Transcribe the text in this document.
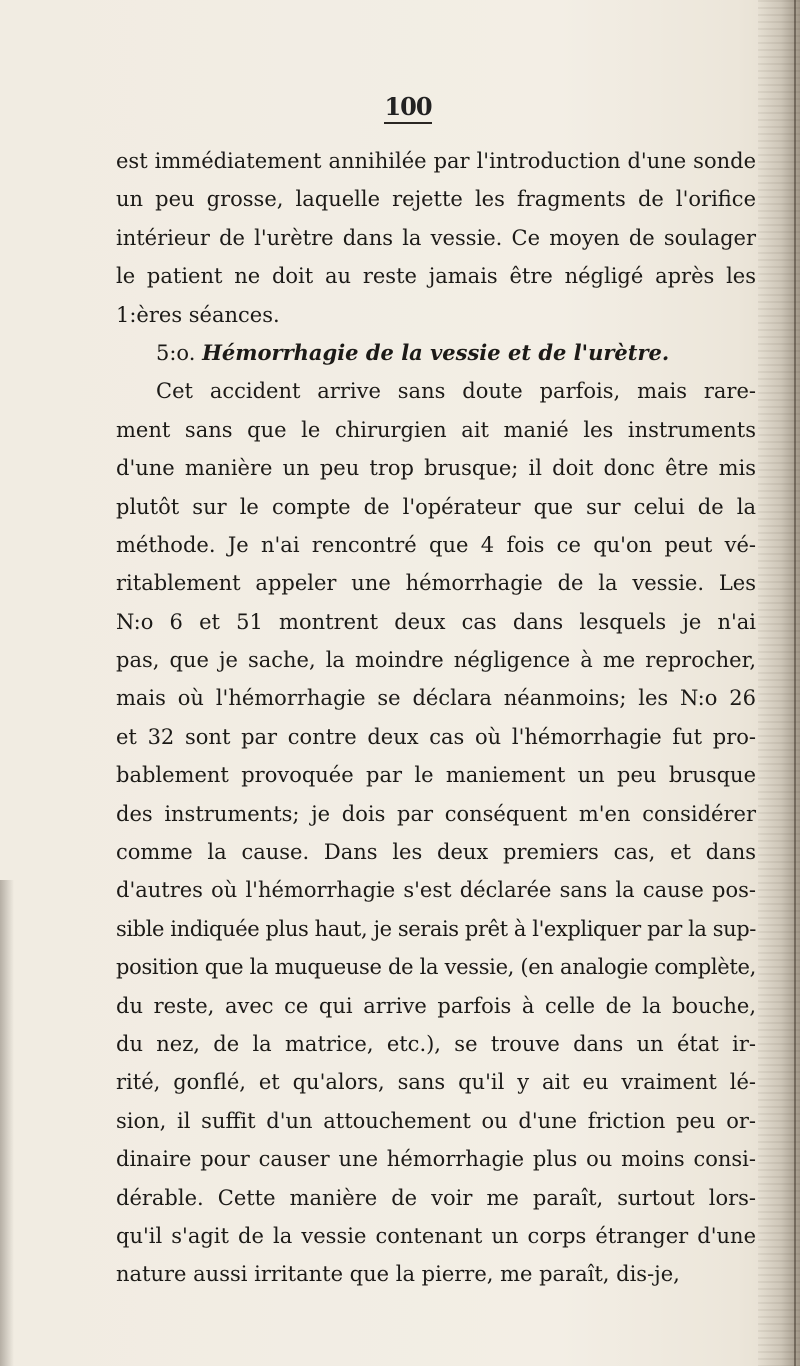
100
est immédiatement annihilée par l'introduction d'une sonde
un peu grosse, laquelle rejette les fragments de l'orifice
intérieur de l'urètre dans la vessie. Ce moyen de soulager
le patient ne doit au reste jamais être négligé après les
1:ères séances.
5:o. Hémorrhagie de la vessie et de l'urètre.
Cet accident arrive sans doute parfois, mais rare-
ment sans que le chirurgien ait manié les instruments
d'une manière un peu trop brusque; il doit donc être mis
plutôt sur le compte de l'opérateur que sur celui de la
méthode. Je n'ai rencontré que 4 fois ce qu'on peut vé-
ritablement appeler une hémorrhagie de la vessie. Les
N:o 6 et 51 montrent deux cas dans lesquels je n'ai
pas, que je sache, la moindre négligence à me reprocher,
mais où l'hémorrhagie se déclara néanmoins; les N:o 26
et 32 sont par contre deux cas où l'hémorrhagie fut pro-
bablement provoquée par le maniement un peu brusque
des instruments; je dois par conséquent m'en considérer
comme la cause. Dans les deux premiers cas, et dans
d'autres où l'hémorrhagie s'est déclarée sans la cause pos-
sible indiquée plus haut, je serais prêt à l'expliquer par la sup-
position que la muqueuse de la vessie, (en analogie complète,
du reste, avec ce qui arrive parfois à celle de la bouche,
du nez, de la matrice, etc.), se trouve dans un état ir-
rité, gonflé, et qu'alors, sans qu'il y ait eu vraiment lé-
sion, il suffit d'un attouchement ou d'une friction peu or-
dinaire pour causer une hémorrhagie plus ou moins consi-
dérable. Cette manière de voir me paraît, surtout lors-
qu'il s'agit de la vessie contenant un corps étranger d'une
nature aussi irritante que la pierre, me paraît, dis-je,
